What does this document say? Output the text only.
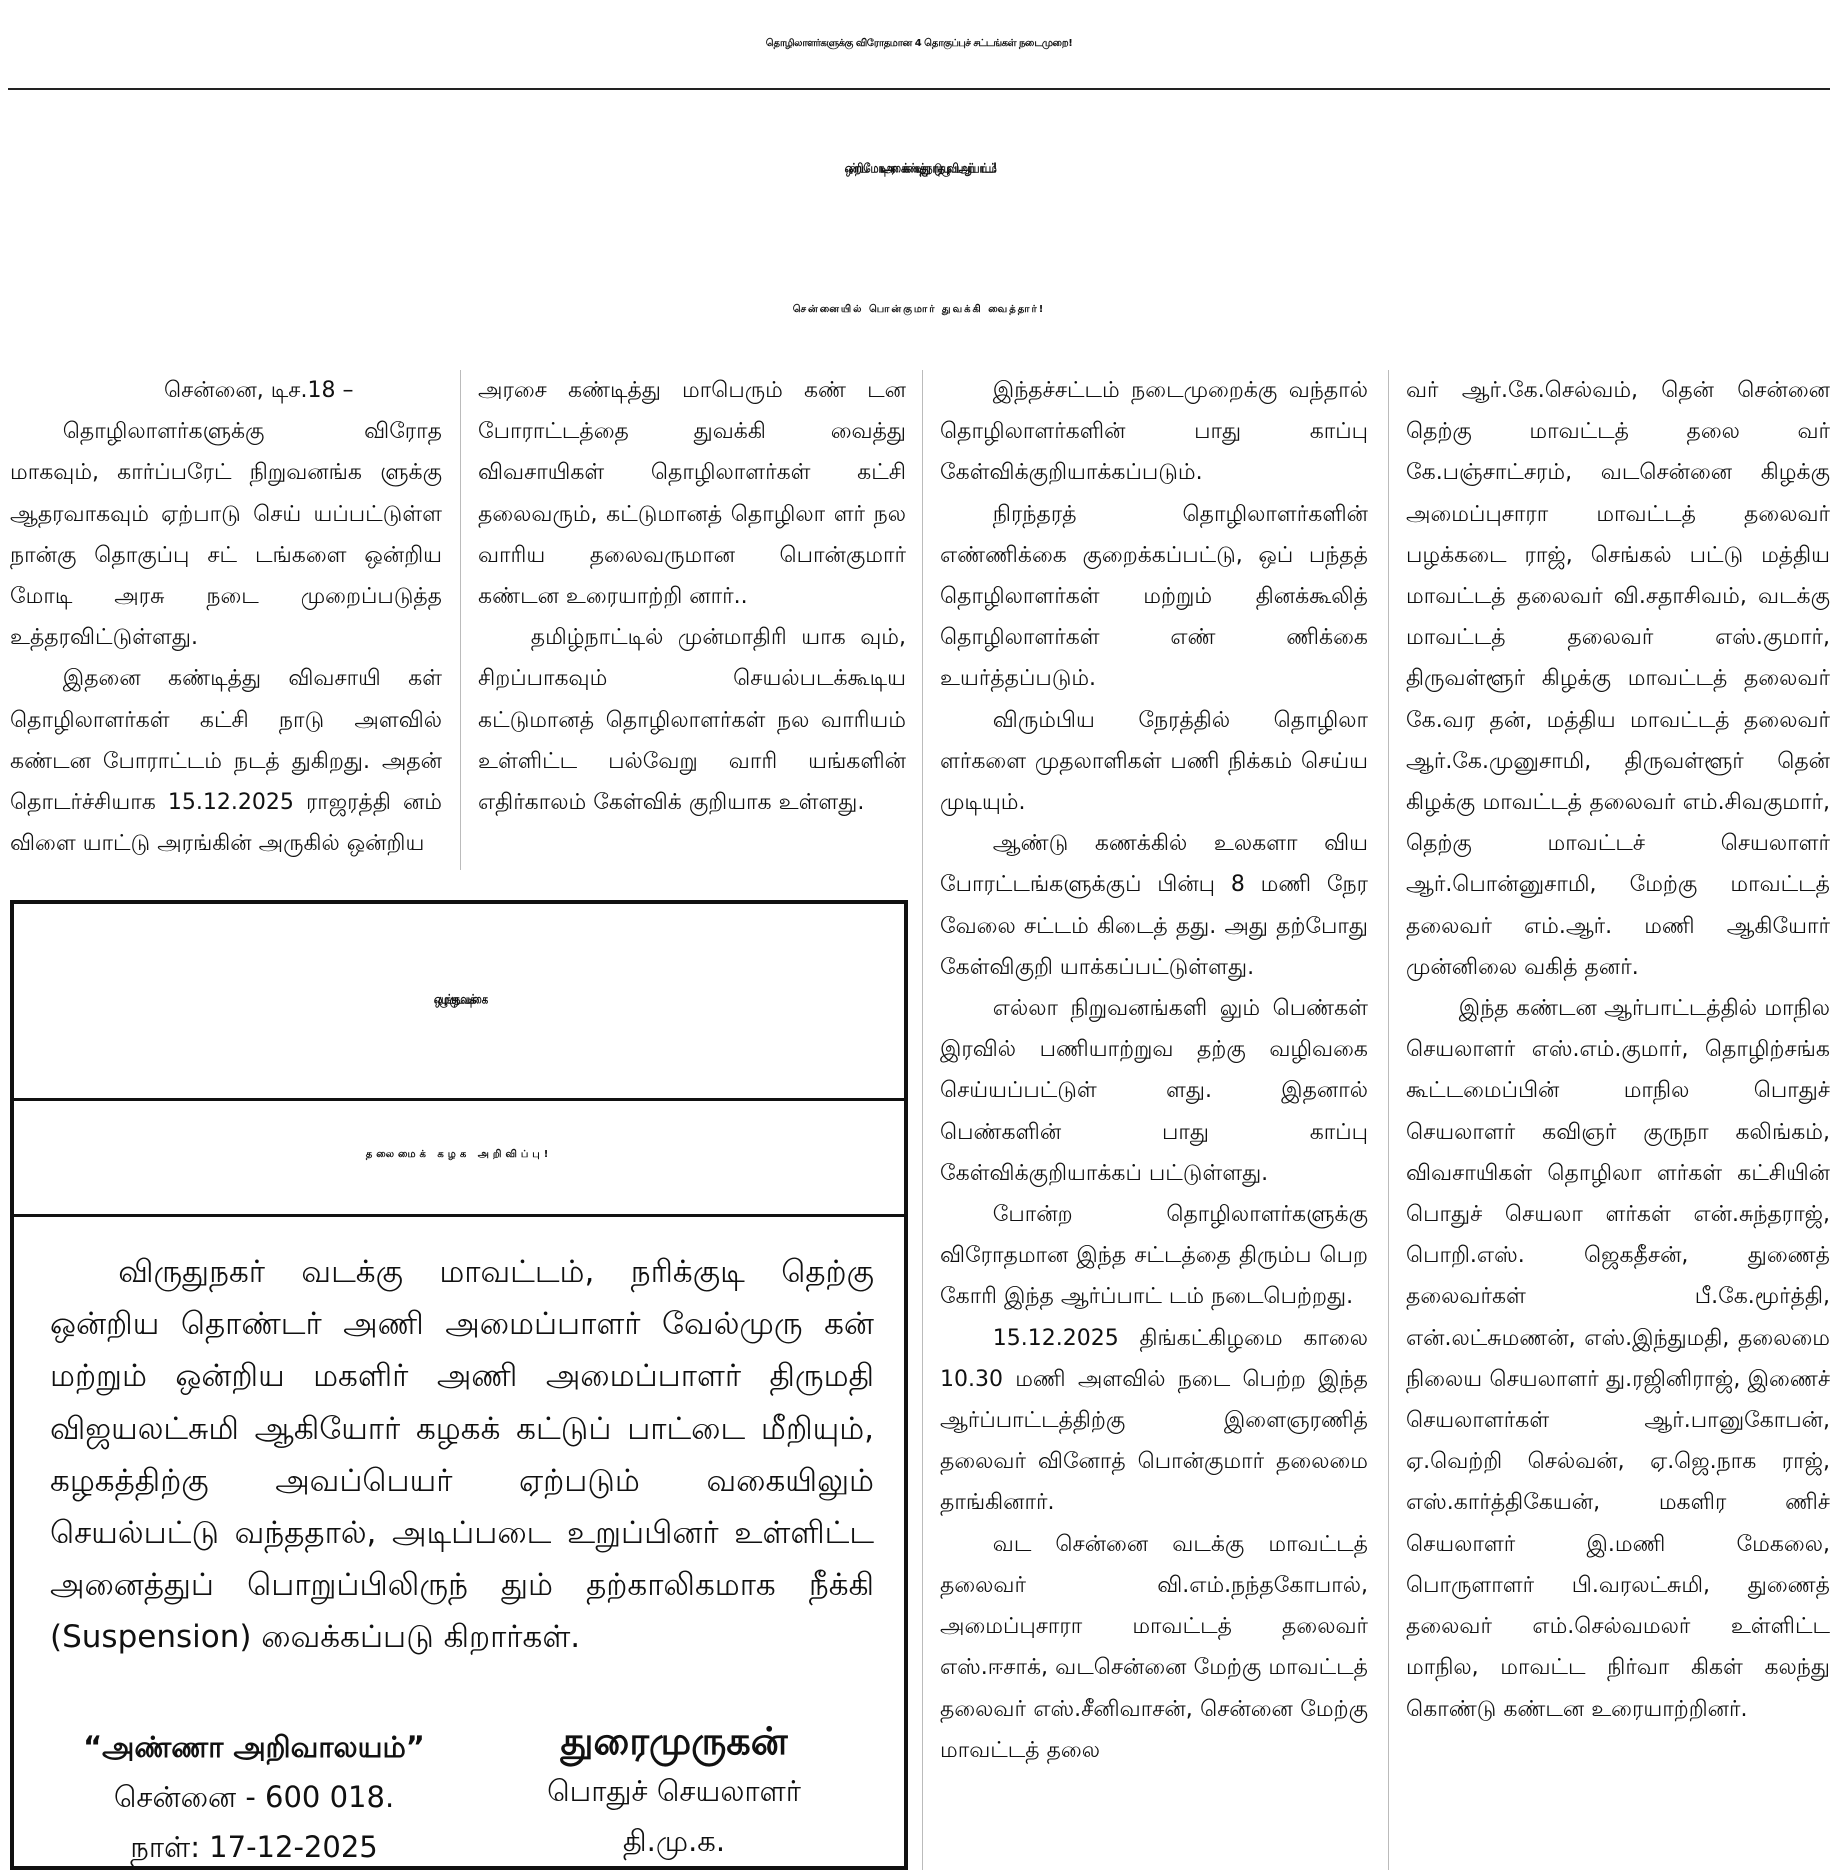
தொழிலாளர்களுக்கு விரோதமான 4 தொகுப்புச் சட்டங்கள் நடைமுறை!
ஒன்றிய மோடி அரசைக் கண்டித்து நாடு தழுவிய ஆர்ப்பாட்டம்!
சென்னையில் பொன்குமார் துவக்கி வைத்தார்!

சென்னை, டிச.18 –

தொழிலாளர்களுக்கு விரோத மாகவும், கார்ப்பரேட் நிறுவனங்க ளுக்கு ஆதரவாகவும் ஏற்பாடு செய் யப்பட்டுள்ள நான்கு தொகுப்பு சட் டங்களை ஒன்றிய மோடி அரசு நடை முறைப்படுத்த உத்தரவிட்டுள்ளது.

இதனை கண்டித்து விவசாயி கள் தொழிலாளர்கள் கட்சி நாடு அளவில் கண்டன போராட்டம் நடத் துகிறது. அதன் தொடர்ச்சியாக 15.12.2025 ராஜரத்தி னம் விளை யாட்டு அரங்கின் அருகில் ஒன்றிய

அரசை கண்டித்து மாபெரும் கண் டன போராட்டத்தை துவக்கி வைத்து விவசாயிகள் தொழிலாளர்கள் கட்சி தலைவரும், கட்டுமானத் தொழிலா ளர் நல வாரிய தலைவருமான பொன்குமார் கண்டன உரையாற்றி னார்..

தமிழ்நாட்டில் முன்மாதிரி யாக வும், சிறப்பாகவும் செயல்படக்கூடிய கட்டுமானத் தொழிலாளர்கள் நல வாரியம் உள்ளிட்ட பல்வேறு வாரி யங்களின் எதிர்காலம் கேள்விக் குறியாக உள்ளது.

இந்தச்சட்டம் நடைமுறைக்கு வந்தால் தொழிலாளர்களின் பாது காப்பு கேள்விக்குறியாக்கப்படும்.

நிரந்தரத் தொழிலாளர்களின் எண்ணிக்கை குறைக்கப்பட்டு, ஒப் பந்தத் தொழிலாளர்கள் மற்றும் தினக்கூலித் தொழிலாளர்கள் எண் ணிக்கை உயர்த்தப்படும்.

விரும்பிய நேரத்தில் தொழிலா ளர்களை முதலாளிகள் பணி நிக்கம் செய்ய முடியும்.

ஆண்டு கணக்கில் உலகளா விய போரட்டங்களுக்குப் பின்பு 8 மணி நேர வேலை சட்டம் கிடைத் தது. அது தற்போது கேள்விகுறி யாக்கப்பட்டுள்ளது.

எல்லா நிறுவனங்களி லும் பெண்கள் இரவில் பணியாற்றுவ தற்கு வழிவகை செய்யப்பட்டுள் ளது. இதனால் பெண்களின் பாது காப்பு கேள்விக்குறியாக்கப் பட்டுள்ளது.

போன்ற தொழிலாளர்களுக்கு விரோதமான இந்த சட்டத்தை திரும்ப பெற கோரி இந்த ஆர்ப்பாட் டம் நடைபெற்றது.

15.12.2025 திங்கட்கிழமை காலை 10.30 மணி அளவில் நடை பெற்ற இந்த ஆர்ப்பாட்டத்திற்கு இளைஞரணித் தலைவர் வினோத் பொன்குமார் தலைமை தாங்கினார்.

வட சென்னை வடக்கு மாவட்டத் தலைவர் வி.எம்.நந்தகோபால், அமைப்புசாரா மாவட்டத் தலைவர் எஸ்.ஈசாக், வடசென்னை மேற்கு மாவட்டத் தலைவர் எஸ்.சீனிவாசன், சென்னை மேற்கு மாவட்டத் தலை

வர் ஆர்.கே.செல்வம், தென் சென்னை தெற்கு மாவட்டத் தலை வர் கே.பஞ்சாட்சரம், வடசென்னை கிழக்கு அமைப்புசாரா மாவட்டத் தலைவர் பழக்கடை ராஜ், செங்கல் பட்டு மத்திய மாவட்டத் தலைவர் வி.சதாசிவம், வடக்கு மாவட்டத் தலைவர் எஸ்.குமார், திருவள்ளூர் கிழக்கு மாவட்டத் தலைவர் கே.வர தன், மத்திய மாவட்டத் தலைவர் ஆர்.கே.முனுசாமி, திருவள்ளூர் தென் கிழக்கு மாவட்டத் தலைவர் எம்.சிவகுமார், தெற்கு மாவட்டச் செயலாளர் ஆர்.பொன்னுசாமி, மேற்கு மாவட்டத் தலைவர் எம்.ஆர். மணி ஆகியோர் முன்னிலை வகித் தனர்.

இந்த கண்டன ஆர்பாட்டத்தில் மாநில செயலாளர் எஸ்.எம்.குமார், தொழிற்சங்க கூட்டமைப்பின் மாநில பொதுச் செயலாளர் கவிஞர் குருநா கலிங்கம், விவசாயிகள் தொழிலா ளர்கள் கட்சியின் பொதுச் செயலா ளர்கள் என்.சுந்தராஜ், பொறி.எஸ். ஜெகதீசன், துணைத் தலைவர்கள் பீ.கே.மூர்த்தி, என்.லட்சுமணன், எஸ்.இந்துமதி, தலைமை நிலைய செயலாளர் து.ரஜினிராஜ், இணைச் செயலாளர்கள் ஆர்.பானுகோபன், ஏ.வெற்றி செல்வன், ஏ.ஜெ.நாக ராஜ், எஸ்.கார்த்திகேயன், மகளிர ணிச் செயலாளர் இ.மணி மேகலை, பொருளாளர் பி.வரலட்சுமி, துணைத் தலைவர் எம்.செல்வமலர் உள்ளிட்ட மாநில, மாவட்ட நிர்வா கிகள் கலந்து கொண்டு கண்டன உரையாற்றினர்.

ஒழுங்கு நடவடிக்கை
தலைமைக் கழக அறிவிப்பு!
விருதுநகர் வடக்கு மாவட்டம், நரிக்குடி தெற்கு ஒன்றிய தொண்டர் அணி அமைப்பாளர் வேல்முரு கன் மற்றும் ஒன்றிய மகளிர் அணி அமைப்பாளர் திருமதி விஜயலட்சுமி ஆகியோர் கழகக் கட்டுப் பாட்டை மீறியும், கழகத்திற்கு அவப்பெயர் ஏற்படும் வகையிலும் செயல்பட்டு வந்ததால், அடிப்படை உறுப்பினர் உள்ளிட்ட அனைத்துப் பொறுப்பிலிருந் தும் தற்காலிகமாக நீக்கி (Suspension) வைக்கப்படு கிறார்கள்.
“அண்ணா அறிவாலயம்”
சென்னை - 600 018.
நாள்: 17-12-2025
துரைமுருகன்
பொதுச் செயலாளர்
தி.மு.க.
